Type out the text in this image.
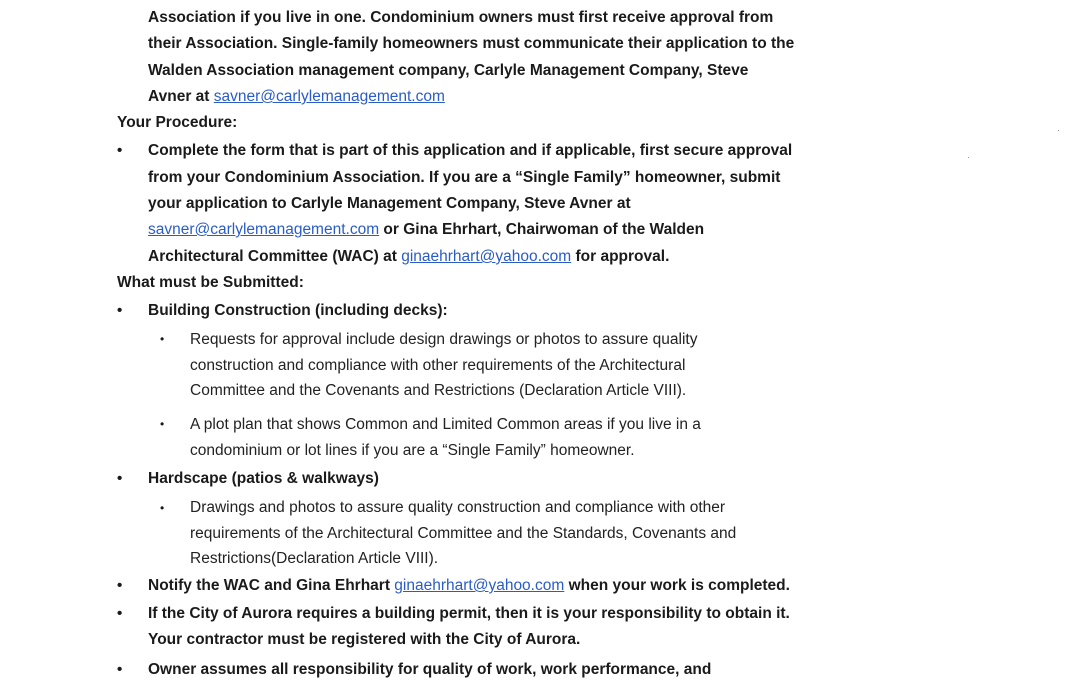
Association if you live in one. Condominium owners must first receive approval from
their Association. Single-family homeowners must communicate their application to the
Walden Association management company, Carlyle Management Company, Steve
Avner at savner@carlylemanagement.com
Your Procedure:
• Complete the form that is part of this application and if applicable, first secure approval
from your Condominium Association. If you are a “Single Family” homeowner, submit
your application to Carlyle Management Company, Steve Avner at
savner@carlylemanagement.com or Gina Ehrhart, Chairwoman of the Walden
Architectural Committee (WAC) at ginaehrhart@yahoo.com for approval.
What must be Submitted:
• Building Construction (including decks):
• Requests for approval include design drawings or photos to assure quality
construction and compliance with other requirements of the Architectural
Committee and the Covenants and Restrictions (Declaration Article VIII).
• A plot plan that shows Common and Limited Common areas if you live in a
condominium or lot lines if you are a “Single Family” homeowner.
• Hardscape (patios & walkways)
• Drawings and photos to assure quality construction and compliance with other
requirements of the Architectural Committee and the Standards, Covenants and
Restrictions(Declaration Article VIII).
• Notify the WAC and Gina Ehrhart ginaehrhart@yahoo.com when your work is completed.
• If the City of Aurora requires a building permit, then it is your responsibility to obtain it.
Your contractor must be registered with the City of Aurora.
• Owner assumes all responsibility for quality of work, work performance, and
